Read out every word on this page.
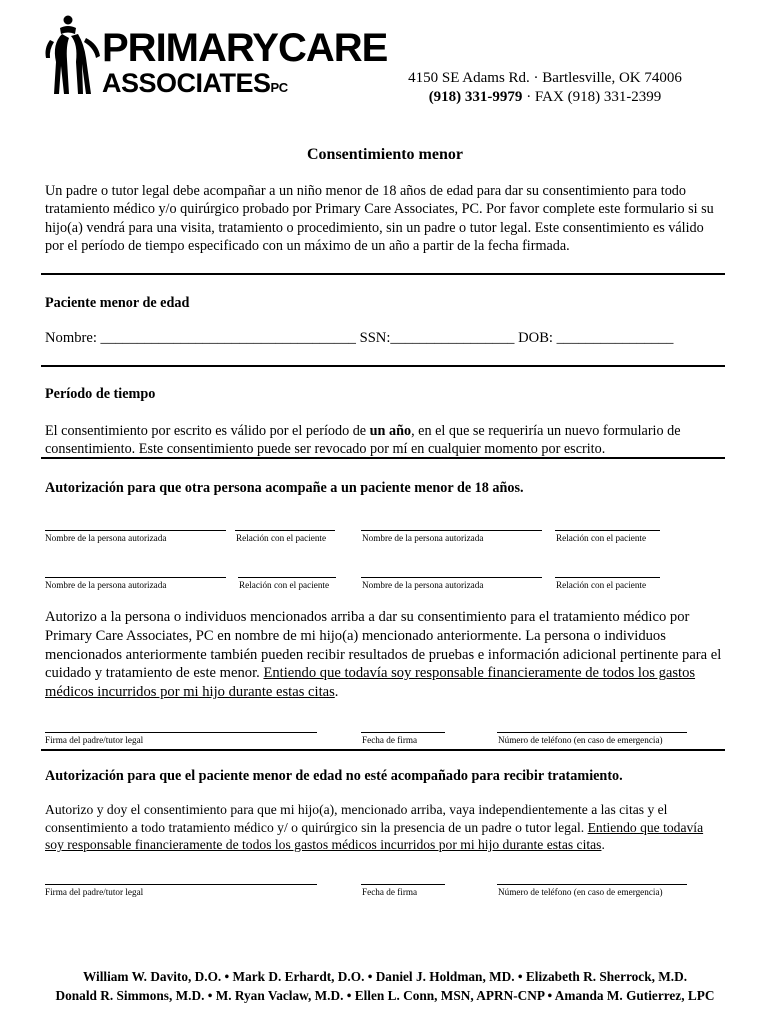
PRIMARYCARE
ASSOCIATESPC
4150 SE Adams Rd. · Bartlesville, OK 74006
(918) 331-9979 · FAX (918) 331-2399
Consentimiento menor
Un padre o tutor legal debe acompañar a un niño menor de 18 años de edad para dar su consentimiento para todo tratamiento médico y/o quirúrgico probado por Primary Care Associates, PC. Por favor complete este formulario si su hijo(a) vendrá para una visita, tratamiento o procedimiento, sin un padre o tutor legal. Este consentimiento es válido por el período de tiempo especificado con un máximo de un año a partir de la fecha firmada.
Paciente menor de edad
Nombre: ___________________________________ SSN:_________________ DOB: ________________
Período de tiempo
El consentimiento por escrito es válido por el período de un año, en el que se requeriría un nuevo formulario de consentimiento. Este consentimiento puede ser revocado por mí en cualquier momento por escrito.
Autorización para que otra persona acompañe a un paciente menor de 18 años.
Nombre de la persona autorizada	Relación con el paciente	Nombre de la persona autorizada	Relación con el paciente
Nombre de la persona autorizada	Relación con el paciente	Nombre de la persona autorizada	Relación con el paciente
Autorizo a la persona o individuos mencionados arriba a dar su consentimiento para el tratamiento médico por Primary Care Associates, PC en nombre de mi hijo(a) mencionado anteriormente. La persona o individuos mencionados anteriormente también pueden recibir resultados de pruebas e información adicional pertinente para el cuidado y tratamiento de este menor. Entiendo que todavía soy responsable financieramente de todos los gastos médicos incurridos por mi hijo durante estas citas.
Firma del padre/tutor legal	Fecha de firma	Número de teléfono (en caso de emergencia)
Autorización para que el paciente menor de edad no esté acompañado para recibir tratamiento.
Autorizo y doy el consentimiento para que mi hijo(a), mencionado arriba, vaya independientemente a las citas y el consentimiento a todo tratamiento médico y/ o quirúrgico sin la presencia de un padre o tutor legal. Entiendo que todavía soy responsable financieramente de todos los gastos médicos incurridos por mi hijo durante estas citas.
Firma del padre/tutor legal	Fecha de firma	Número de teléfono (en caso de emergencia)
William W. Davito, D.O. • Mark D. Erhardt, D.O. • Daniel J. Holdman, MD. • Elizabeth R. Sherrock, M.D.
Donald R. Simmons, M.D. • M. Ryan Vaclaw, M.D. • Ellen L. Conn, MSN, APRN-CNP • Amanda M. Gutierrez, LPC
